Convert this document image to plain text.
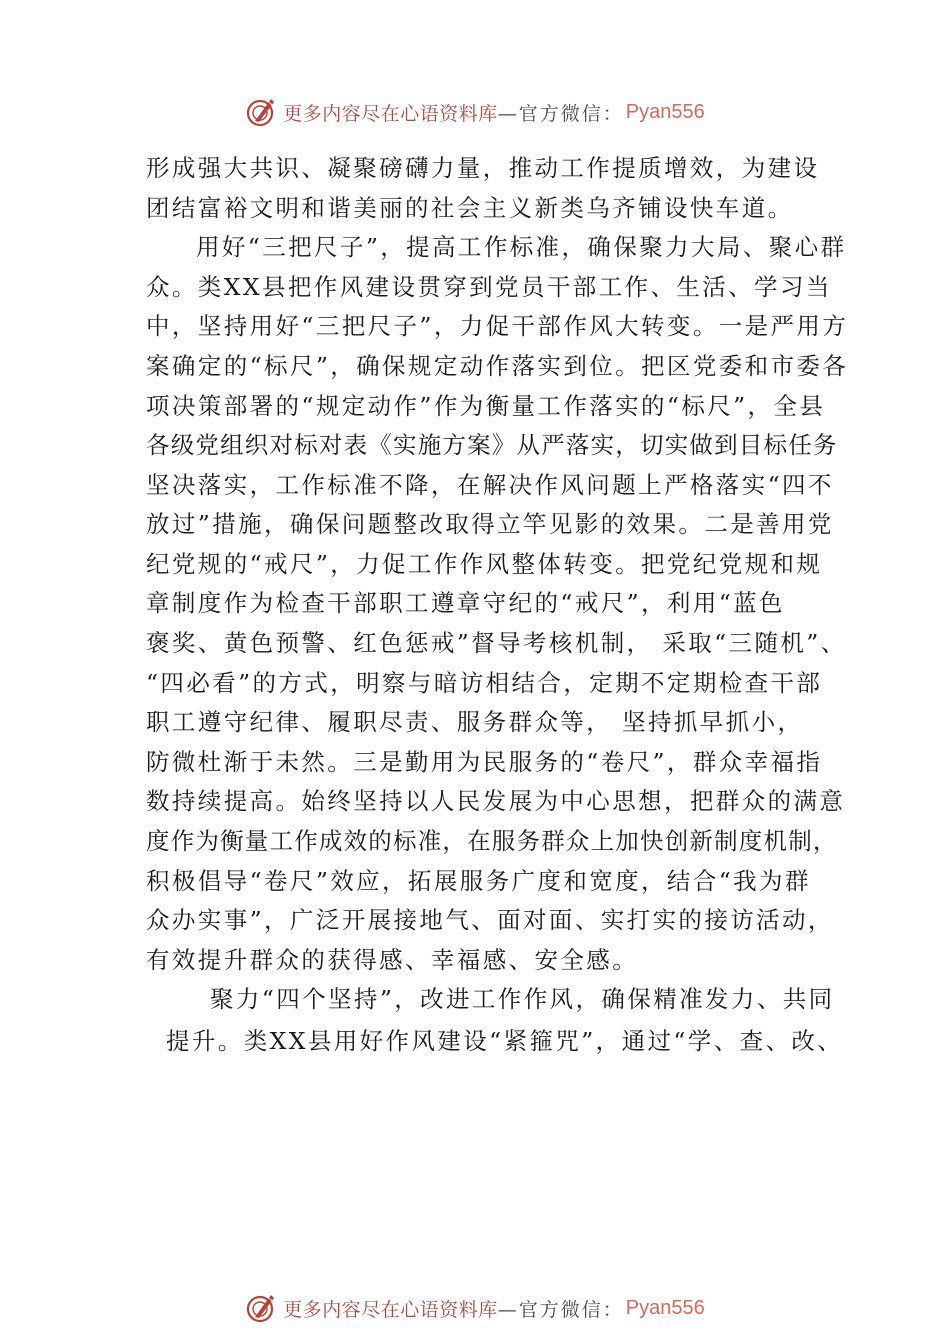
更多内容尽在心语资料库 —官方微信： Pyan556
形成强大共识、凝聚磅礴力量，推动工作提质增效，为建设
团结富裕文明和谐美丽的社会主义新类乌齐铺设快车道。
用好“三把尺子”，提高工作标准，确保聚力大局、聚心群
众。类XX县把作风建设贯穿到党员干部工作、生活、学习当
中，坚持用好“三把尺子”，力促干部作风大转变。一是严用方
案确定的“标尺”，确保规定动作落实到位。把区党委和市委各
项决策部署的“规定动作”作为衡量工作落实的“标尺”，全县
各级党组织对标对表《实施方案》从严落实，切实做到目标任务
坚决落实，工作标准不降，在解决作风问题上严格落实“四不
放过”措施，确保问题整改取得立竿见影的效果。二是善用党
纪党规的“戒尺”，力促工作作风整体转变。把党纪党规和规
章制度作为检查干部职工遵章守纪的“戒尺”，利用“蓝色
褒奖、黄色预警、红色惩戒”督导考核机制， 采取“三随机”、
“四必看”的方式，明察与暗访相结合，定期不定期检查干部
职工遵守纪律、履职尽责、服务群众等， 坚持抓早抓小，
防微杜渐于未然。三是勤用为民服务的“卷尺”，群众幸福指
数持续提高。始终坚持以人民发展为中心思想，把群众的满意
度作为衡量工作成效的标准，在服务群众上加快创新制度机制，
积极倡导“卷尺”效应，拓展服务广度和宽度，结合“我为群
众办实事”，广泛开展接地气、面对面、实打实的接访活动，
有效提升群众的获得感、幸福感、安全感。
聚力“四个坚持”，改进工作作风，确保精准发力、共同
提升。类XX县用好作风建设“紧箍咒”，通过“学、查、改、
更多内容尽在心语资料库 —官方微信： Pyan556
